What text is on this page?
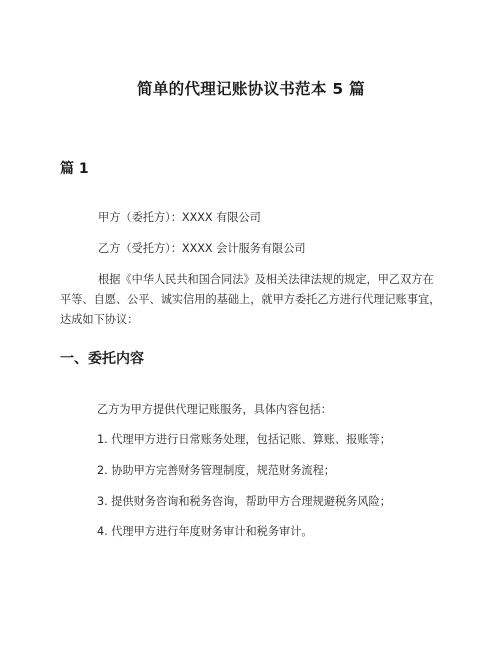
简单的代理记账协议书范本 5 篇
篇 1
甲方（委托方）：XXXX 有限公司
乙方（受托方）：XXXX 会计服务有限公司
根据《中华人民共和国合同法》及相关法律法规的规定，甲乙双方在平等、自愿、公平、诚实信用的基础上，就甲方委托乙方进行代理记账事宜，达成如下协议：
一、委托内容
乙方为甲方提供代理记账服务，具体内容包括：
1. 代理甲方进行日常账务处理，包括记账、算账、报账等；
2. 协助甲方完善财务管理制度，规范财务流程；
3. 提供财务咨询和税务咨询，帮助甲方合理规避税务风险；
4. 代理甲方进行年度财务审计和税务审计。
